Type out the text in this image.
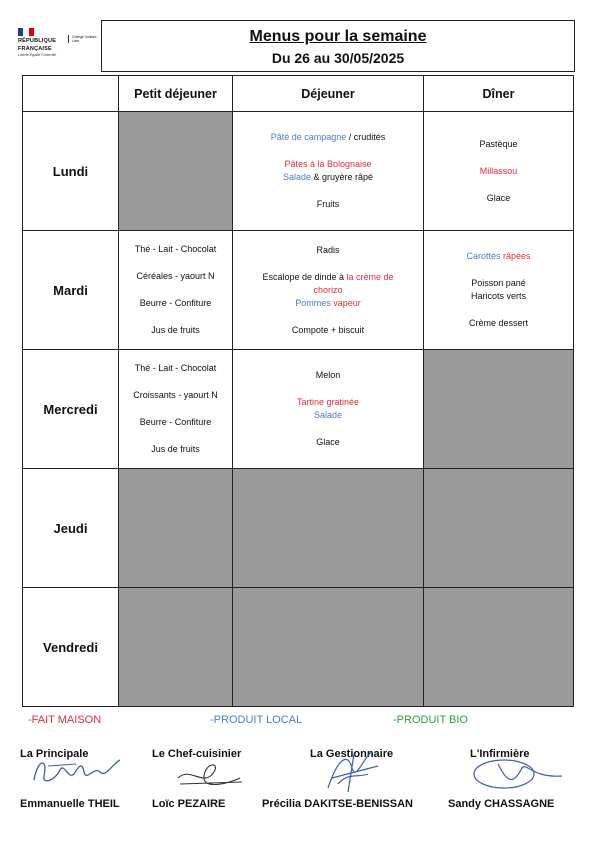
RÉPUBLIQUE
FRANÇAISE
Liberté Égalité Fraternité
Collège Voltaire Lisle	Menus pour la semaine
Du 26 au 30/05/2025
	Petit déjeuner	Déjeuner	Dîner
Lundi		Pâté de campagne / crudités
Pâtes à la Bolognaise
Salade & gruyère râpé
Fruits	Pastèque
Millassou
Glace

Mardi	Thé - Lait - Chocolat
Céréales - yaourt N
Beurre - Confiture
Jus de fruits	Radis
Escalope de dinde à la crème de
chorizo
Pommes vapeur
Compote + biscuit	Carottes râpées
Poisson pané
Haricots verts
Crème dessert

Mercredi	Thé - Lait - Chocolat
Croissants - yaourt N
Beurre - Confiture
Jus de fruits	Melon
Tartine gratinée
Salade
Glace	

Jeudi			
Vendredi			
-FAIT MAISON	-PRODUIT LOCAL	-PRODUIT BIO
La Principale	Le Chef-cuisinier	La Gestionnaire	L'Infirmière
Emmanuelle THEIL	Loïc PEZAIRE	Précilia DAKITSE-BENISSAN	Sandy CHASSAGNE
